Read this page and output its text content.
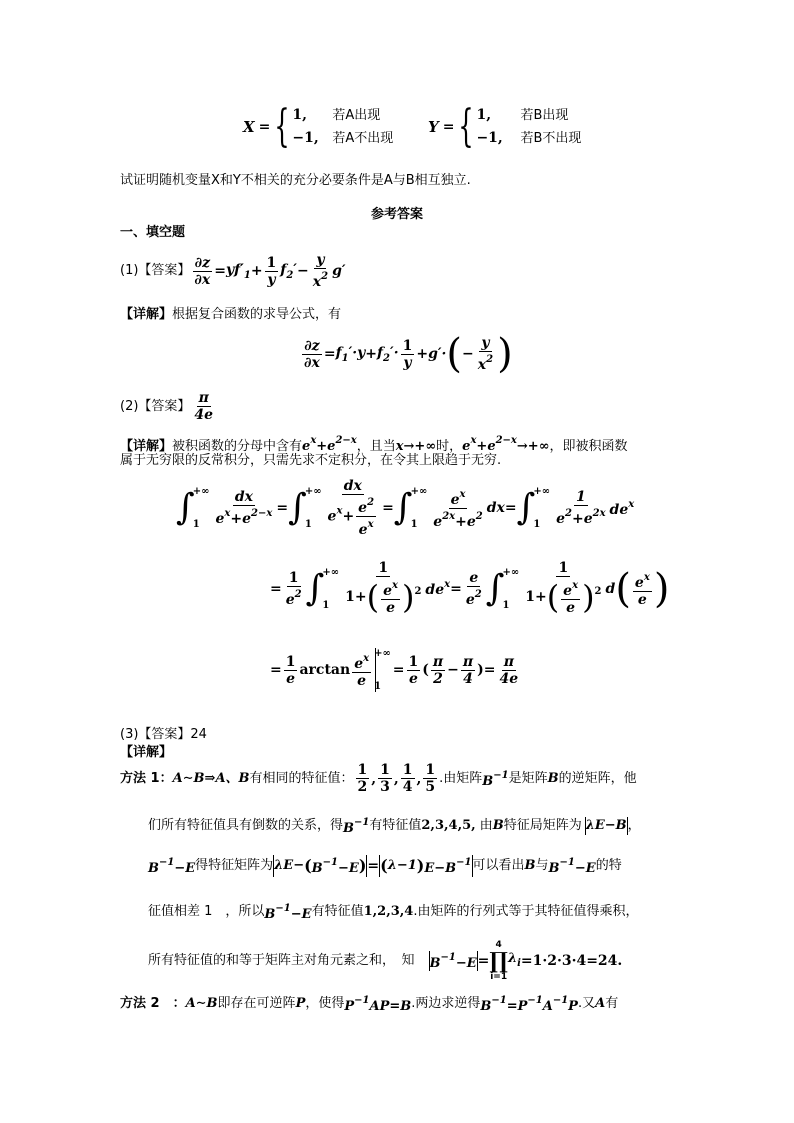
X = { 1,	若A出现
−1,	若A不出现
Y = { 1,	若B出现
−1,	若B不出现
试证明随机变量X和Y不相关的充分必要条件是A与B相互独立.
参考答案
一、填空题
(1)【答案】 $\frac{\partial z}{\partial x} = yf'_1 + \frac{1}{y} f_2' - \frac{y}{x^2} g'$
【详解】根据复合函数的求导公式，有
$\frac{\partial z}{\partial x} = f_1'\cdot y + f_2'\cdot \frac{1}{y} + g'\cdot$ ( − $\frac{y}{x^2}$ )
(2)【答案】 $\frac{\pi}{4e}$
【详解】被积函数的分母中含有$e^x+e^{2-x}$，且当x→+∞时，$e^x+e^{2-x}\to+\infty$，即被积函数
属于无穷限的反常积分，只需先求不定积分，在令其上限趋于无穷.
∫
+∞
$1 \frac{dx}{e^x+e^{2-x}}$ = ∫
+∞
$1 \frac{dx}{e^x+ \frac{e^2}{e^x}}$ = ∫
+∞
$1 \frac{e^x}{e^{2x}+e^2}$ dx = ∫
+∞
$1 \frac{1}{e^2+e^{2x}} de^x$
= $\frac{1}{e^2}$ ∫
+∞
$1 \frac{1}{1+( \frac{e^x}{e} )^2} de^x = \frac{e}{e^2}$ ∫
+∞
$1 \frac{1}{1+( \frac{e^x}{e} )^2}$ d ( $\frac{e^x}{e}$ )
= $\frac{1}{e}$ $\arctan \frac{e^x}{e}$ +∞
1
= $\frac{1}{e}$ ( $\frac{\pi}{2} - \frac{\pi}{4}$ ) = $\frac{\pi}{4e}$
(3)【答案】24
【详解】
方法 1： A∼B⇒A、B 有相同的特征值： $\frac{1}{2}$ , $\frac{1}{3}$ , $\frac{1}{4}$ , $\frac{1}{5}$ .由矩阵 $B^{-1}$ 是矩阵 B 的逆矩阵，他
们所有特征值具有倒数的关系，得 $B^{-1}$ 有特征值 2,3,4,5, 由 B 特征局矩阵为 λE−B ，
$B^{-1}-E$ 得特征矩阵为 λE− ( $B^{-1}-E$ ) = ( λ−1 ) $E-B^{-1}$ 可以看出 B 与 $B^{-1}-E$ 的特
征值相差 1　，所以 $B^{-1}-E$ 有特征值 1,2,3,4 .由矩阵的行列式等于其特征值得乘积，
所有特征值的和等于矩阵主对角元素之和，　知 $B^{-1}-E$ =
4
∏
i=1
$\lambda_i =1\cdot 2\cdot 3\cdot 4=24$.
方法 2　： A∼B 即存在可逆阵 P ，使得 $P^{-1}AP=B$ .两边求逆得 $B^{-1}=P^{-1}A^{-1}P$ .又 A 有
